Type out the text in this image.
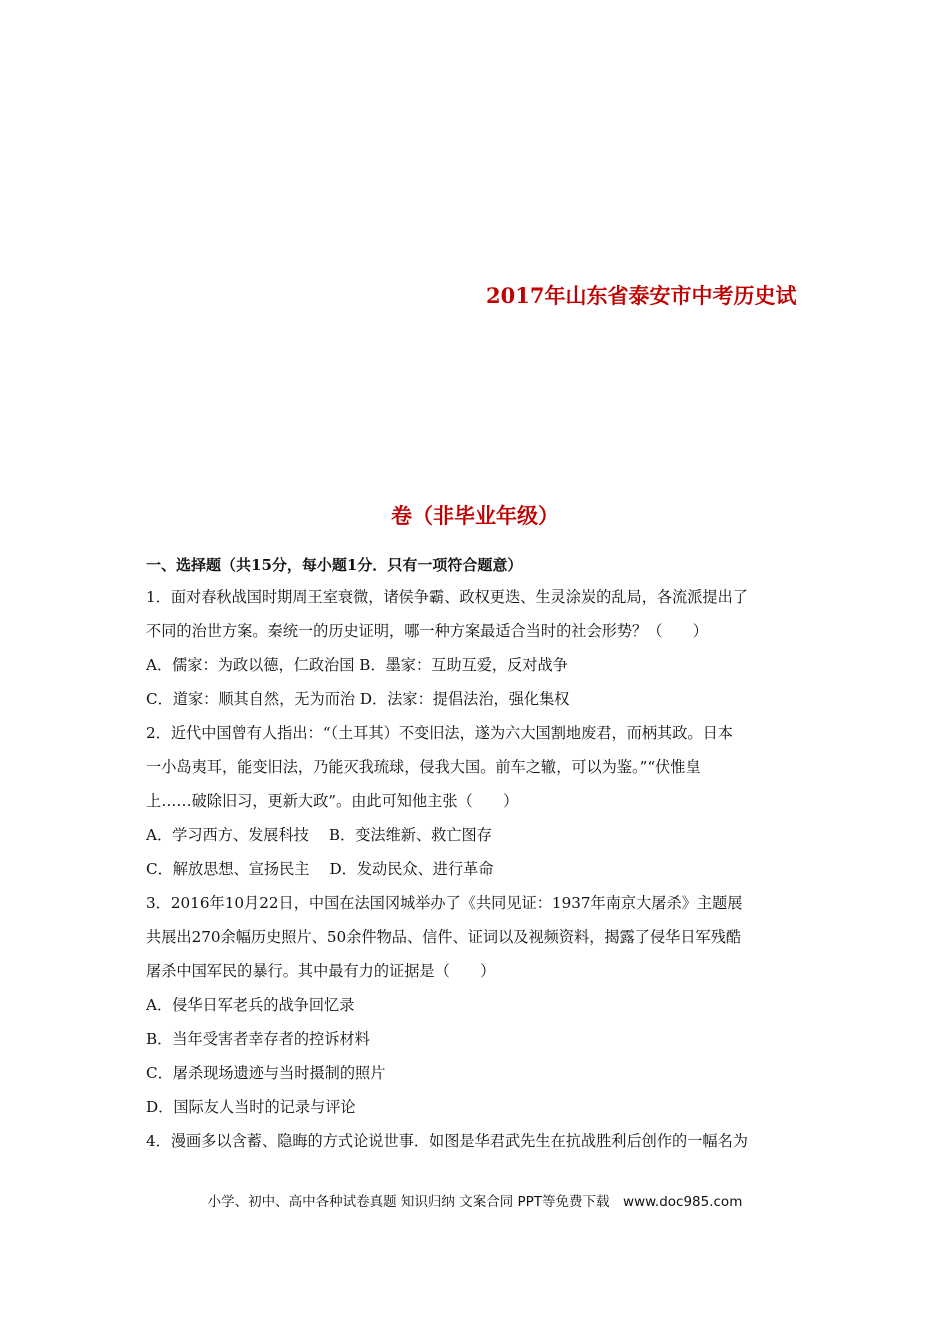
2017年山东省泰安市中考历史试
卷（非毕业年级）
一、选择题（共15分，每小题1分．只有一项符合题意）
1．面对春秋战国时期周王室衰微，诸侯争霸、政权更迭、生灵涂炭的乱局，各流派提出了
不同的治世方案。秦统一的历史证明，哪一种方案最适合当时的社会形势？（　　）
A．儒家：为政以德，仁政治国 B．墨家：互助互爱，反对战争
C．道家：顺其自然，无为而治 D．法家：提倡法治，强化集权
2．近代中国曾有人指出：“（土耳其）不变旧法，遂为六大国割地废君，而柄其政。日本
一小岛夷耳，能变旧法，乃能灭我琉球，侵我大国。前车之辙，可以为鉴。”“伏惟皇
上……破除旧习，更新大政”。由此可知他主张（　　）
A．学习西方、发展科技　 B．变法维新、救亡图存
C．解放思想、宣扬民主　 D．发动民众、进行革命
3．2016年10月22日，中国在法国冈城举办了《共同见证：1937年南京大屠杀》主题展
共展出270余幅历史照片、50余件物品、信件、证词以及视频资料，揭露了侵华日军残酷
屠杀中国军民的暴行。其中最有力的证据是（　　）
A．侵华日军老兵的战争回忆录
B．当年受害者幸存者的控诉材料
C．屠杀现场遗迹与当时摄制的照片
D．国际友人当时的记录与评论
4．漫画多以含蓄、隐晦的方式论说世事．如图是华君武先生在抗战胜利后创作的一幅名为
小学、初中、高中各种试卷真题 知识归纳 文案合同 PPT等免费下载　www.doc985.com
